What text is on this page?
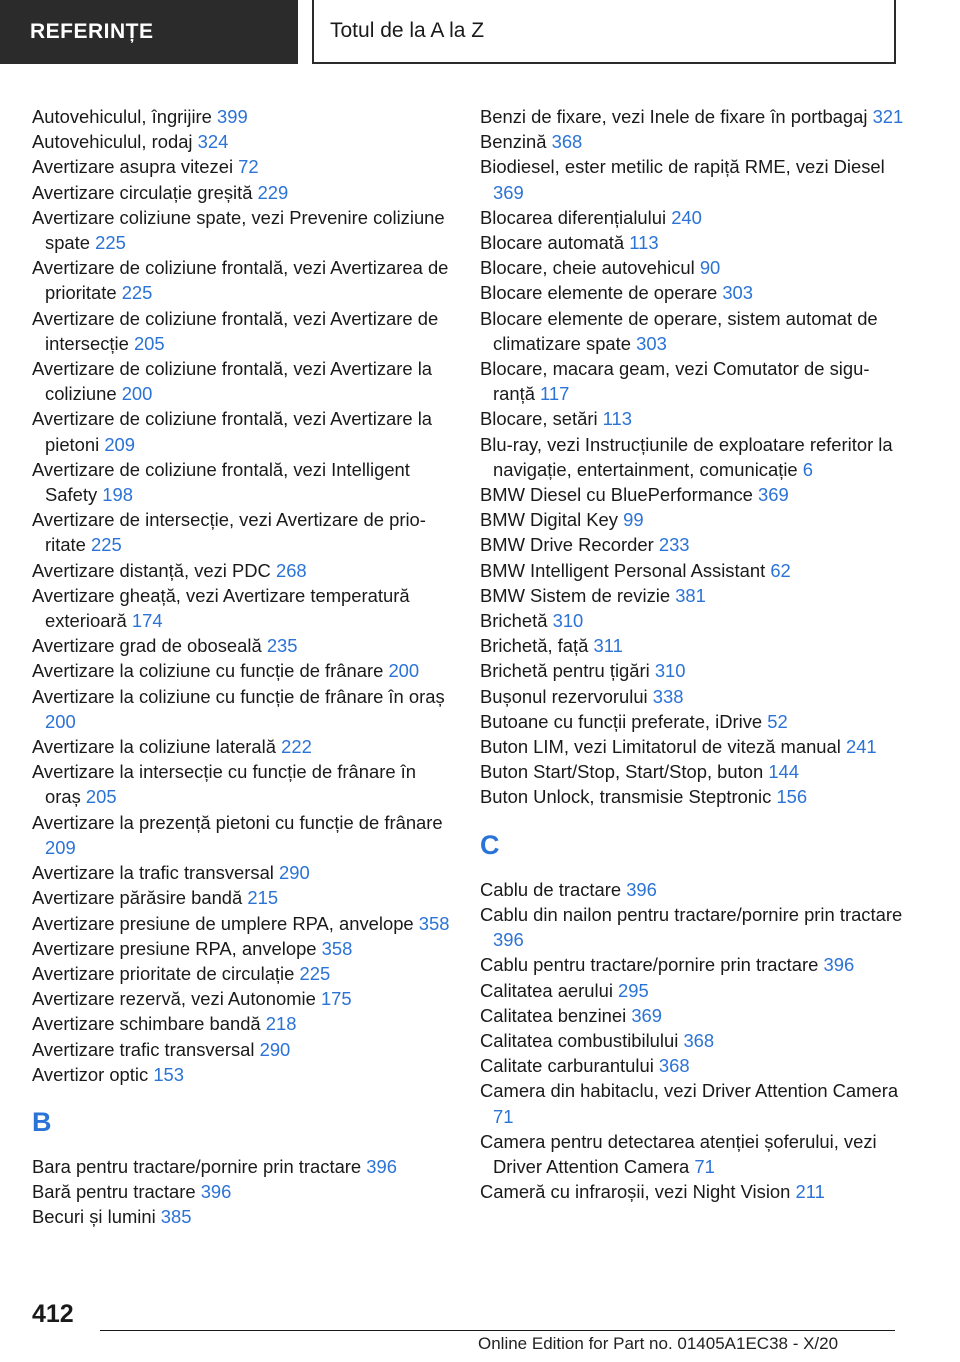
REFERINȚE	Totul de la A la Z
Autovehiculul, îngrijire 399
Autovehiculul, rodaj 324
Avertizare asupra vitezei 72
Avertizare circulație greșită 229
Avertizare coliziune spate, vezi Prevenire coliziune spate 225
Avertizare de coliziune frontală, vezi Avertizarea de prioritate 225
Avertizare de coliziune frontală, vezi Avertizare de intersecție 205
Avertizare de coliziune frontală, vezi Avertizare la coliziune 200
Avertizare de coliziune frontală, vezi Avertizare la pietoni 209
Avertizare de coliziune frontală, vezi Intelligent Safety 198
Avertizare de intersecție, vezi Avertizare de prioritate 225
Avertizare distanță, vezi PDC 268
Avertizare gheață, vezi Avertizare temperatură exterioară 174
Avertizare grad de oboseală 235
Avertizare la coliziune cu funcție de frânare 200
Avertizare la coliziune cu funcție de frânare în oraș 200
Avertizare la coliziune laterală 222
Avertizare la intersecție cu funcție de frânare în oraș 205
Avertizare la prezență pietoni cu funcție de frânare 209
Avertizare la trafic transversal 290
Avertizare părăsire bandă 215
Avertizare presiune de umplere RPA, anvelope 358
Avertizare presiune RPA, anvelope 358
Avertizare prioritate de circulație 225
Avertizare rezervă, vezi Autonomie 175
Avertizare schimbare bandă 218
Avertizare trafic transversal 290
Avertizor optic 153
B
Bara pentru tractare/pornire prin tractare 396
Bară pentru tractare 396
Becuri și lumini 385
Benzi de fixare, vezi Inele de fixare în portbagaj 321
Benzină 368
Biodiesel, ester metilic de rapiță RME, vezi Diesel 369
Blocarea diferențialului 240
Blocare automată 113
Blocare, cheie autovehicul 90
Blocare elemente de operare 303
Blocare elemente de operare, sistem automat de climatizare spate 303
Blocare, macara geam, vezi Comutator de siguranță 117
Blocare, setări 113
Blu-ray, vezi Instrucțiunile de exploatare referitor la navigație, entertainment, comunicație 6
BMW Diesel cu BluePerformance 369
BMW Digital Key 99
BMW Drive Recorder 233
BMW Intelligent Personal Assistant 62
BMW Sistem de revizie 381
Brichetă 310
Brichetă, față 311
Brichetă pentru țigări 310
Bușonul rezervorului 338
Butoane cu funcții preferate, iDrive 52
Buton LIM, vezi Limitatorul de viteză manual 241
Buton Start/Stop, Start/Stop, buton 144
Buton Unlock, transmisie Steptronic 156
C
Cablu de tractare 396
Cablu din nailon pentru tractare/pornire prin tractare 396
Cablu pentru tractare/pornire prin tractare 396
Calitatea aerului 295
Calitatea benzinei 369
Calitatea combustibilului 368
Calitate carburantului 368
Camera din habitaclu, vezi Driver Attention Camera 71
Camera pentru detectarea atenției șoferului, vezi Driver Attention Camera 71
Cameră cu infraroșii, vezi Night Vision 211
412
Online Edition for Part no. 01405A1EC38 - X/20
